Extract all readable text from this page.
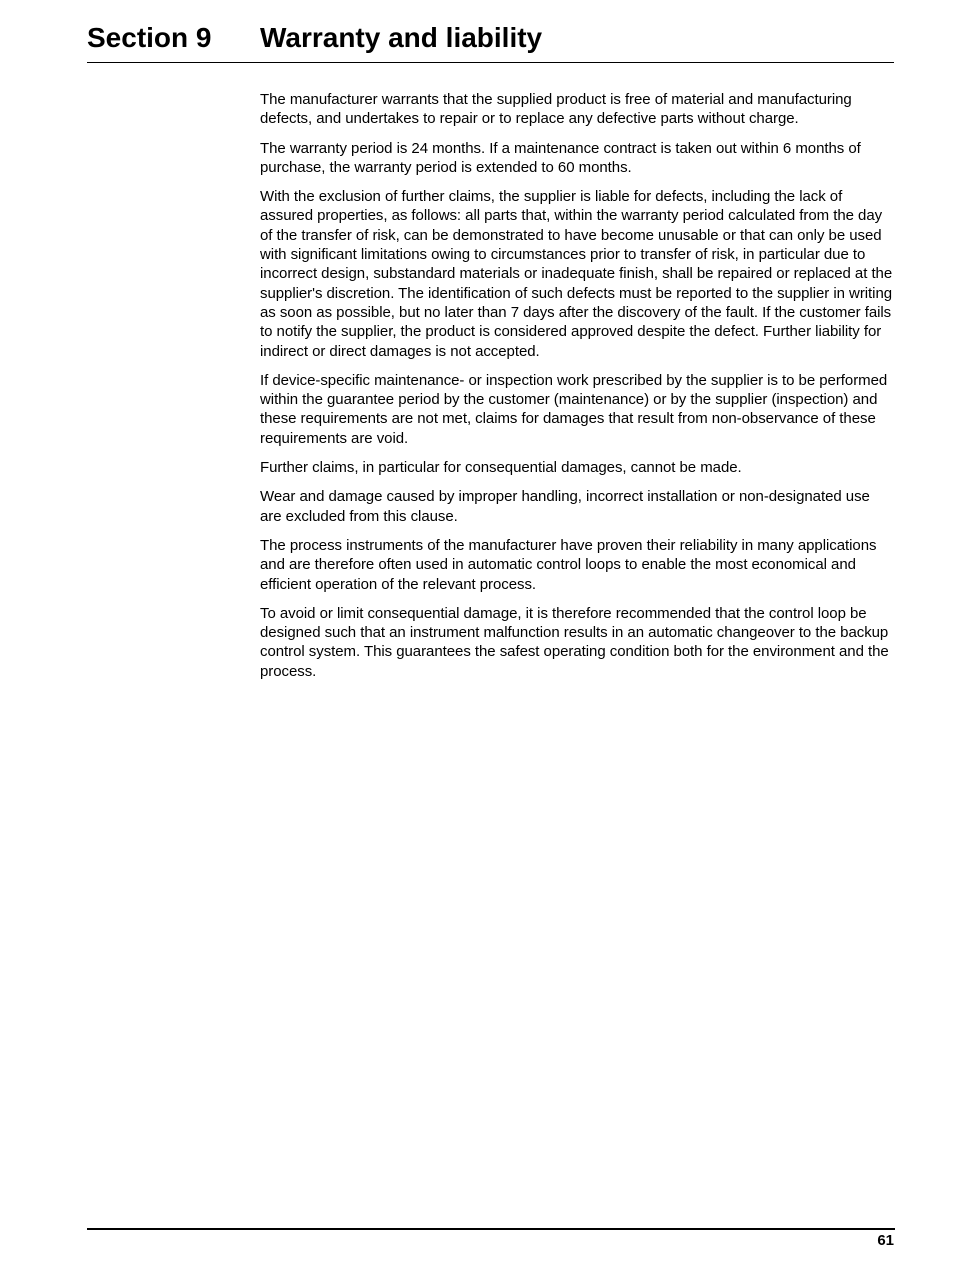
Section 9 Warranty and liability

The manufacturer warrants that the supplied product is free of material and manufacturing defects, and undertakes to repair or to replace any defective parts without charge.

The warranty period is 24 months. If a maintenance contract is taken out within 6 months of purchase, the warranty period is extended to 60 months.

With the exclusion of further claims, the supplier is liable for defects, including the lack of assured properties, as follows: all parts that, within the warranty period calculated from the day of the transfer of risk, can be demonstrated to have become unusable or that can only be used with significant limitations owing to circumstances prior to transfer of risk, in particular due to incorrect design, substandard materials or inadequate finish, shall be repaired or replaced at the supplier's discretion. The identification of such defects must be reported to the supplier in writing as soon as possible, but no later than 7 days after the discovery of the fault. If the customer fails to notify the supplier, the product is considered approved despite the defect. Further liability for indirect or direct damages is not accepted.

If device-specific maintenance- or inspection work prescribed by the supplier is to be performed within the guarantee period by the customer (maintenance) or by the supplier (inspection) and these requirements are not met, claims for damages that result from non-observance of these requirements are void.

Further claims, in particular for consequential damages, cannot be made.

Wear and damage caused by improper handling, incorrect installation or non-designated use are excluded from this clause.

The process instruments of the manufacturer have proven their reliability in many applications and are therefore often used in automatic control loops to enable the most economical and efficient operation of the relevant process.

To avoid or limit consequential damage, it is therefore recommended that the control loop be designed such that an instrument malfunction results in an automatic changeover to the backup control system. This guarantees the safest operating condition both for the environment and the process.

61
